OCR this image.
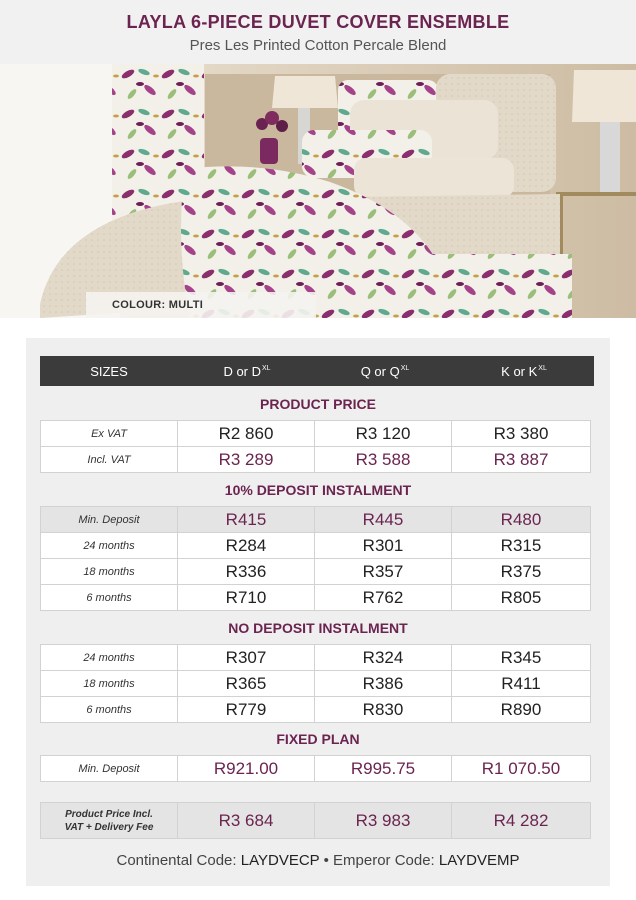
LAYLA 6-PIECE DUVET COVER ENSEMBLE
Pres Les Printed Cotton Percale Blend
COLOUR: MULTI
SIZES	D or $D^{XL}$	Q or $Q^{XL}$	K or $K^{XL}$
PRODUCT PRICE
Ex VAT	R2 860	R3 120	R3 380
Incl. VAT	R3 289	R3 588	R3 887
10% DEPOSIT INSTALMENT
Min. Deposit	R415	R445	R480
24 months	R284	R301	R315
18 months	R336	R357	R375
6 months	R710	R762	R805
NO DEPOSIT INSTALMENT
24 months	R307	R324	R345
18 months	R365	R386	R411
6 months	R779	R830	R890
FIXED PLAN
Min. Deposit	R921.00	R995.75	R1 070.50
Product Price Incl.
VAT + Delivery Fee	R3 684	R3 983	R4 282
Continental Code: LAYDVECP • Emperor Code: LAYDVEMP
